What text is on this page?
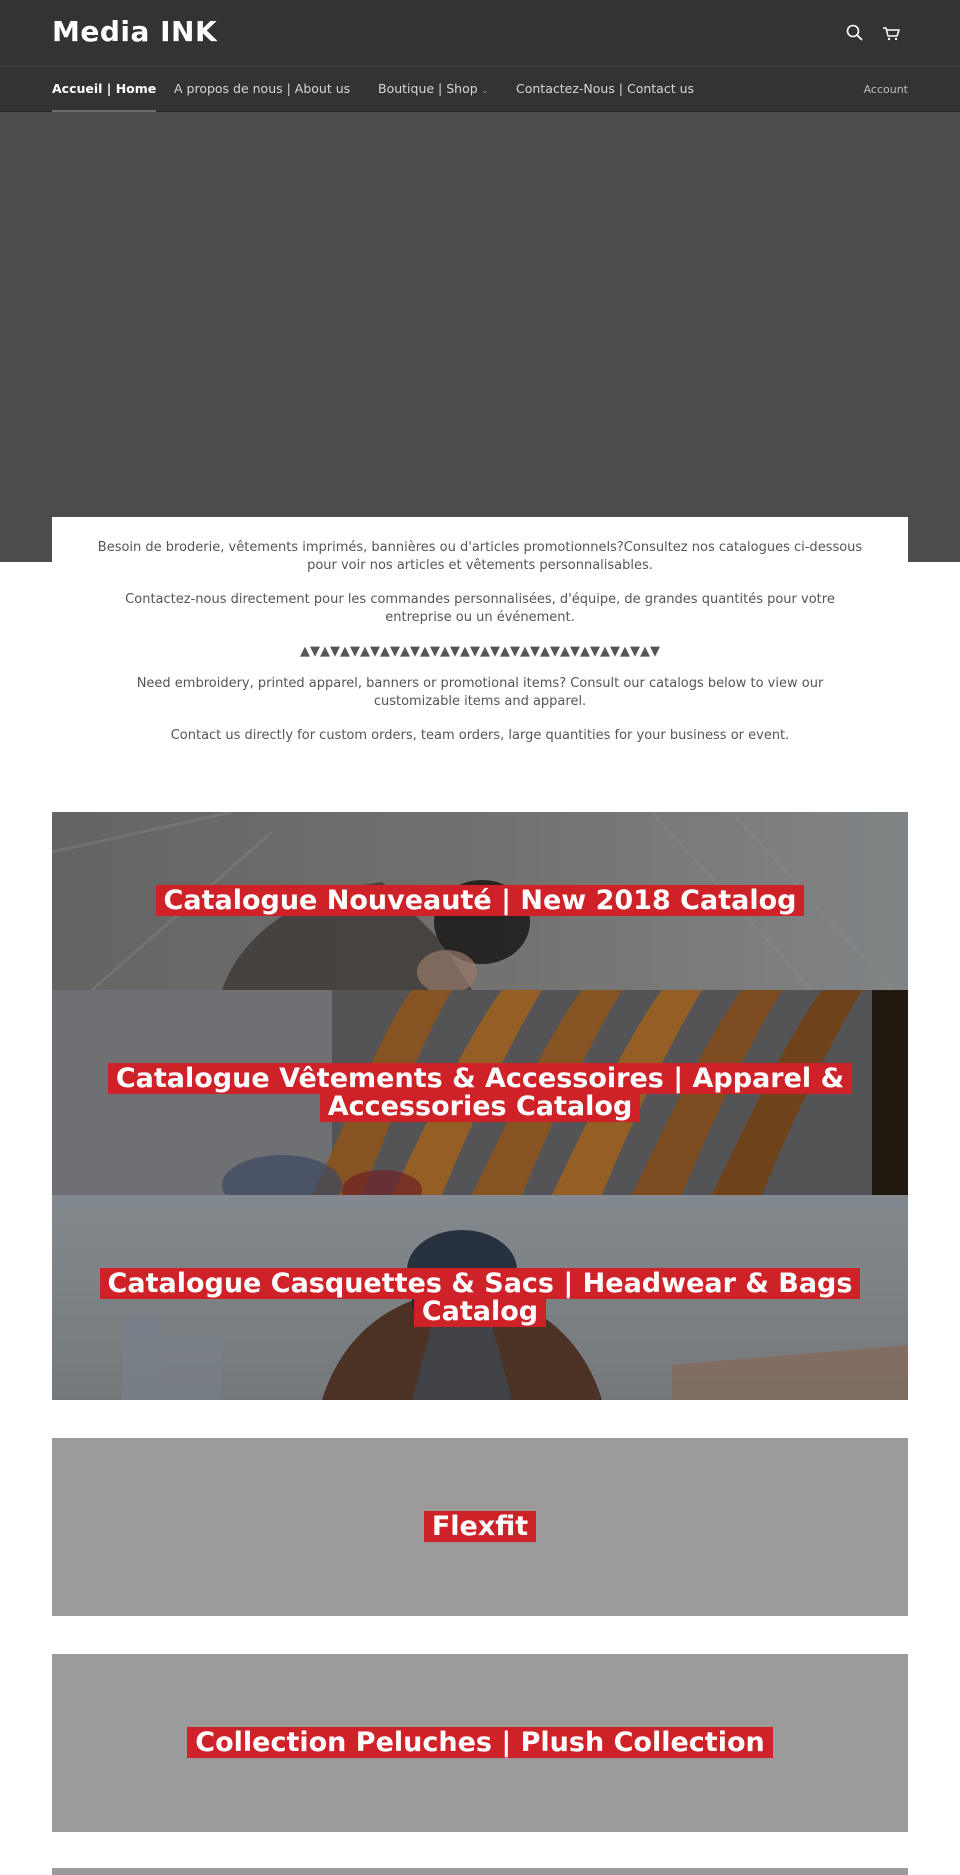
Media INK
Accueil | Home A propos de nous | About us Boutique | Shop ⌄ Contactez-Nous | Contact us	Account

Besoin de broderie, vêtements imprimés, bannières ou d'articles promotionnels?Consultez nos catalogues ci-dessous pour voir nos articles et vêtements personnalisables.

Contactez-nous directement pour les commandes personnalisées, d'équipe, de grandes quantités pour votre entreprise ou un événement.

▲▼▲▼▲▼▲▼▲▼▲▼▲▼▲▼▲▼▲▼▲▼▲▼▲▼▲▼▲▼▲▼▲▼▲▼

Need embroidery, printed apparel, banners or promotional items? Consult our catalogs below to view our customizable items and apparel.

Contact us directly for custom orders, team orders, large quantities for your business or event.

Catalogue Nouveauté | New 2018 Catalog
Catalogue Vêtements & Accessoires | Apparel & Accessories Catalog
Catalogue Casquettes & Sacs | Headwear & Bags Catalog
Flexfit
Collection Peluches | Plush Collection
